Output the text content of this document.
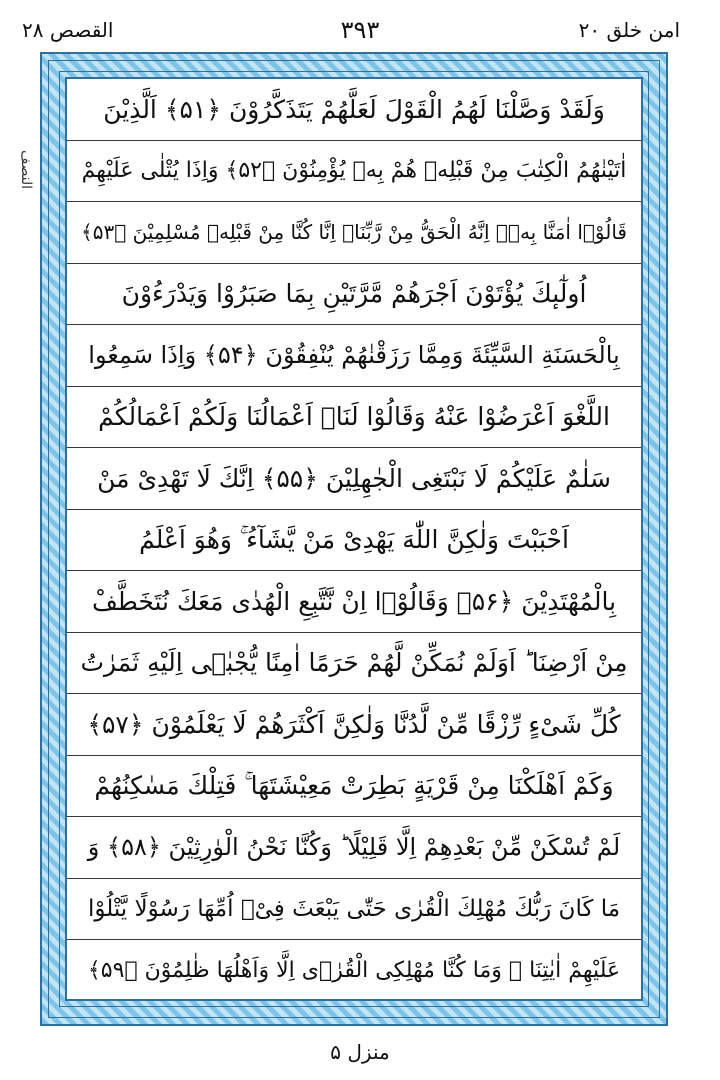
القصص ۲۸	۳۹۳	امن خلق ۲۰
النصف
وَلَقَدْ وَصَّلْنَا لَهُمُ الْقَوْلَ لَعَلَّهُمْ يَتَذَكَّرُوْنَ ﴿۵۱﴾ اَلَّذِيْنَ
اٰتَيْنٰهُمُ الْكِتٰبَ مِنْ قَبْلِهٖ هُمْ بِهٖ يُؤْمِنُوْنَ ﴿۵۲﴾ وَاِذَا يُتْلٰى عَلَيْهِمْ
قَالُوْۤا اٰمَنَّا بِهٖۤ اِنَّهُ الْحَقُّ مِنْ رَّبِّنَاۤ اِنَّا كُنَّا مِنْ قَبْلِهٖ مُسْلِمِيْنَ ﴿۵۳﴾
اُولٰٓىٕكَ يُؤْتَوْنَ اَجْرَهُمْ مَّرَّتَيْنِ بِمَا صَبَرُوْا وَيَدْرَءُوْنَ
بِالْحَسَنَةِ السَّيِّئَةَ وَمِمَّا رَزَقْنٰهُمْ يُنْفِقُوْنَ ﴿۵۴﴾ وَاِذَا سَمِعُوا
اللَّغْوَ اَعْرَضُوْا عَنْهُ وَقَالُوْا لَنَاۤ اَعْمَالُنَا وَلَكُمْ اَعْمَالُكُمْ
سَلٰمٌ عَلَيْكُمْ لَا نَبْتَغِى الْجٰهِلِيْنَ ﴿۵۵﴾ اِنَّكَ لَا تَهْدِىْ مَنْ
اَحْبَبْتَ وَلٰكِنَّ اللّٰهَ يَهْدِىْ مَنْ يَّشَآءُ ۚ وَهُوَ اَعْلَمُ
بِالْمُهْتَدِيْنَ ﴿۵۶﴾ وَقَالُوْۤا اِنْ نَّتَّبِعِ الْهُدٰى مَعَكَ نُتَخَطَّفْ
مِنْ اَرْضِنَا ؕ اَوَلَمْ نُمَكِّنْ لَّهُمْ حَرَمًا اٰمِنًا يُّجْبٰۤى اِلَيْهِ ثَمَرٰتُ
كُلِّ شَىْءٍ رِّزْقًا مِّنْ لَّدُنَّا وَلٰكِنَّ اَكْثَرَهُمْ لَا يَعْلَمُوْنَ ﴿۵۷﴾
وَكَمْ اَهْلَكْنَا مِنْ قَرْيَةٍ بَطِرَتْ مَعِيْشَتَهَا ۚ فَتِلْكَ مَسٰكِنُهُمْ
لَمْ تُسْكَنْ مِّنْ بَعْدِهِمْ اِلَّا قَلِيْلًا ؕ وَكُنَّا نَحْنُ الْوٰرِثِيْنَ ﴿۵۸﴾ وَ
مَا كَانَ رَبُّكَ مُهْلِكَ الْقُرٰى حَتّٰى يَبْعَثَ فِىْۤ اُمِّهَا رَسُوْلًا يَّتْلُوْا
عَلَيْهِمْ اٰيٰتِنَا ۚ وَمَا كُنَّا مُهْلِكِى الْقُرٰۤى اِلَّا وَاَهْلُهَا ظٰلِمُوْنَ ﴿۵۹﴾
منزل ۵
